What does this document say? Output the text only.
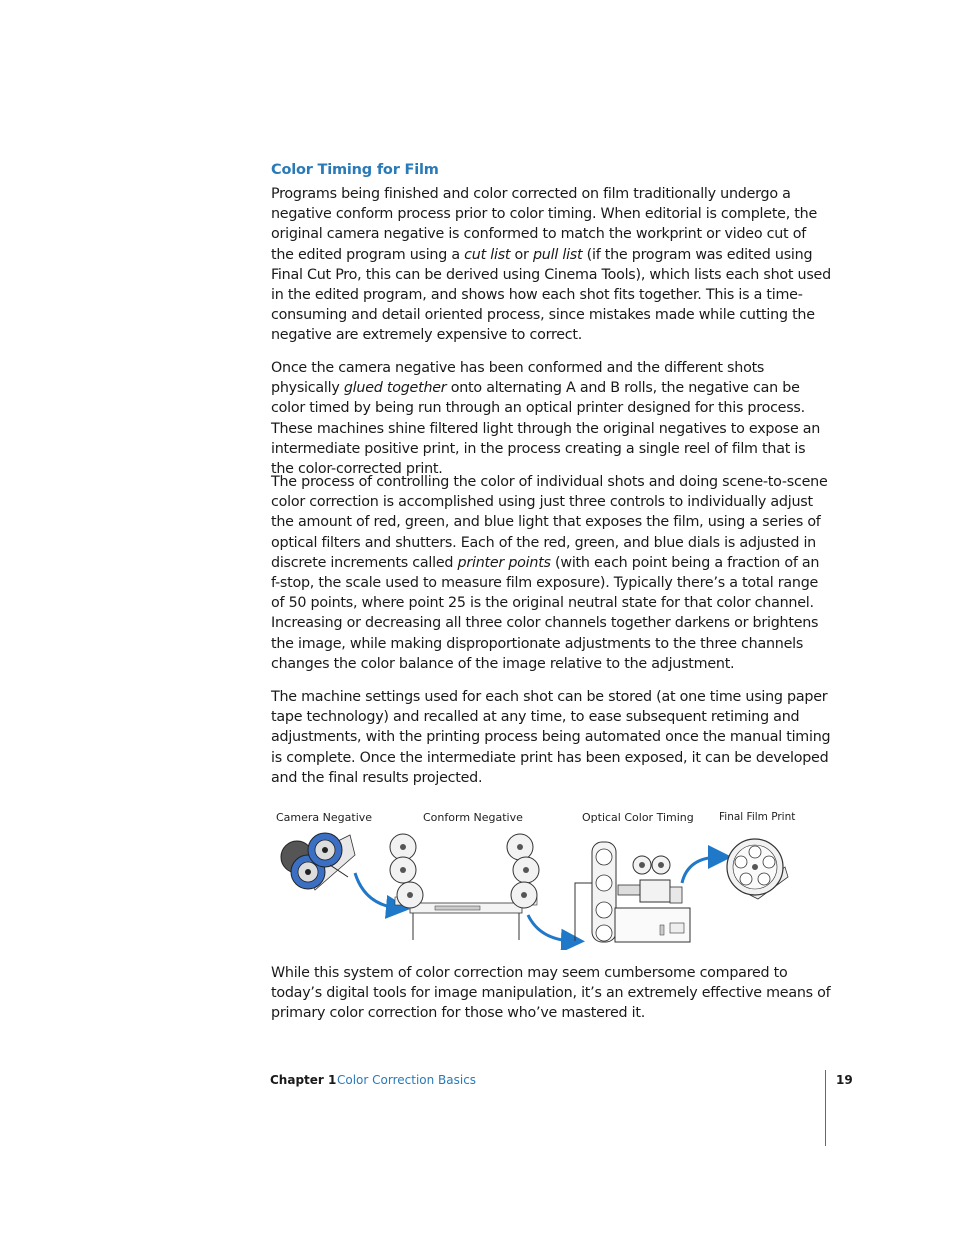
Color Timing for Film

Programs being finished and color corrected on film traditionally undergo a negative conform process prior to color timing. When editorial is complete, the original camera negative is conformed to match the workprint or video cut of the edited program using a cut list or pull list (if the program was edited using Final Cut Pro, this can be derived using Cinema Tools), which lists each shot used in the edited program, and shows how each shot fits together. This is a time-consuming and detail oriented process, since mistakes made while cutting the negative are extremely expensive to correct.

Once the camera negative has been conformed and the different shots physically glued together onto alternating A and B rolls, the negative can be color timed by being run through an optical printer designed for this process. These machines shine filtered light through the original negatives to expose an intermediate positive print, in the process creating a single reel of film that is the color-corrected print.

The process of controlling the color of individual shots and doing scene-to-scene color correction is accomplished using just three controls to individually adjust the amount of red, green, and blue light that exposes the film, using a series of optical filters and shutters. Each of the red, green, and blue dials is adjusted in discrete increments called printer points (with each point being a fraction of an f-stop, the scale used to measure film exposure). Typically there’s a total range of 50 points, where point 25 is the original neutral state for that color channel. Increasing or decreasing all three color channels together darkens or brightens the image, while making disproportionate adjustments to the three channels changes the color balance of the image relative to the adjustment.

The machine settings used for each shot can be stored (at one time using paper tape technology) and recalled at any time, to ease subsequent retiming and adjustments, with the printing process being automated once the manual timing is complete. Once the intermediate print has been exposed, it can be developed and the final results projected.

Camera Negative	Conform Negative	Optical Color Timing Final Film Print

While this system of color correction may seem cumbersome compared to today’s digital tools for image manipulation, it’s an extremely effective means of primary color correction for those who’ve mastered it.

Chapter 1 Color Correction Basics	19
